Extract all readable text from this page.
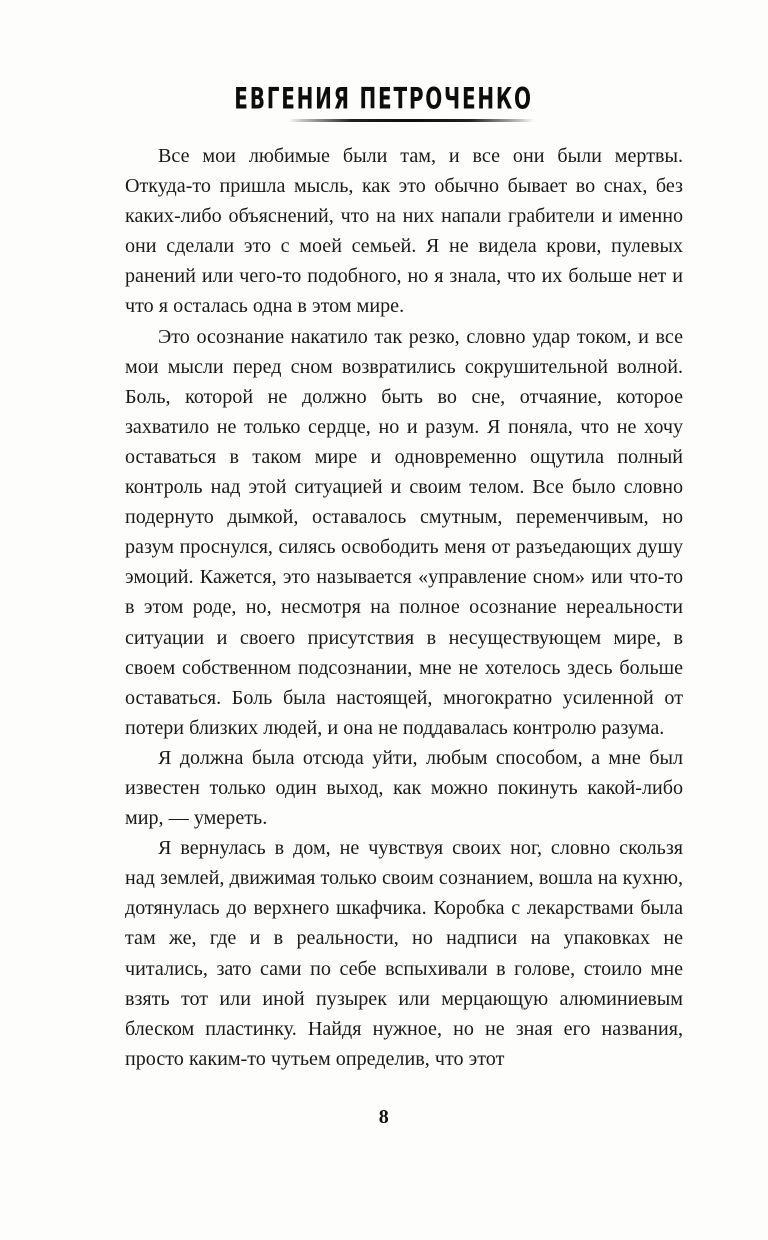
ЕВГЕНИЯ ПЕТРОЧЕНКО

Все мои любимые были там, и все они были мертвы. Откуда-то пришла мысль, как это обычно бывает во снах, без каких-либо объяснений, что на них напали грабители и именно они сделали это с моей семьей. Я не видела крови, пулевых ранений или чего-то подобного, но я знала, что их больше нет и что я осталась одна в этом мире.

Это осознание накатило так резко, словно удар током, и все мои мысли перед сном возвратились сокрушительной волной. Боль, которой не должно быть во сне, отчаяние, которое захватило не только сердце, но и разум. Я поняла, что не хочу оставаться в таком мире и одновременно ощутила полный контроль над этой ситуацией и своим телом. Все было словно подернуто дымкой, оставалось смутным, переменчивым, но разум проснулся, силясь освободить меня от разъедающих душу эмоций. Кажется, это называется «управление сном» или что-то в этом роде, но, несмотря на полное осознание нереальности ситуации и своего присутствия в несуществующем мире, в своем собственном подсознании, мне не хотелось здесь больше оставаться. Боль была настоящей, многократно усиленной от потери близких людей, и она не поддавалась контролю разума.

Я должна была отсюда уйти, любым способом, а мне был известен только один выход, как можно покинуть какой-либо мир, — умереть.

Я вернулась в дом, не чувствуя своих ног, словно скользя над землей, движимая только своим сознанием, вошла на кухню, дотянулась до верхнего шкафчика. Коробка с лекарствами была там же, где и в реальности, но надписи на упаковках не читались, зато сами по себе вспыхивали в голове, стоило мне взять тот или иной пузырек или мерцающую алюминиевым блеском пластинку. Найдя нужное, но не зная его названия, просто каким-то чутьем определив, что этот

8
